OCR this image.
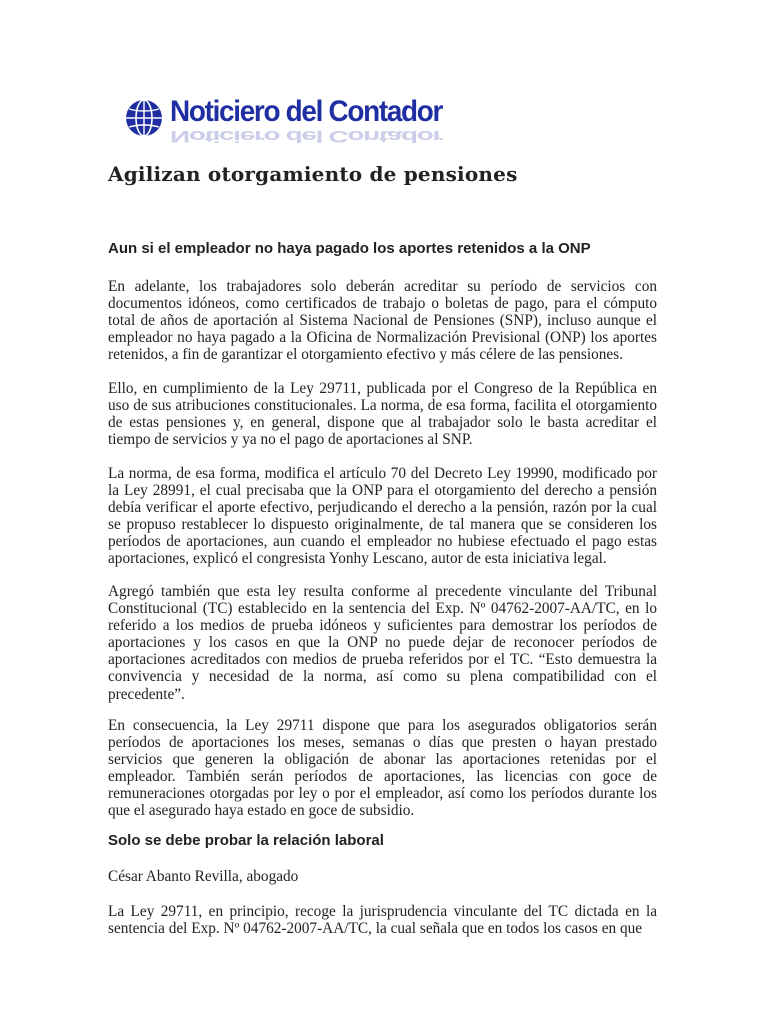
Noticiero del Contador
Noticiero del Contador
Agilizan otorgamiento de pensiones
Aun si el empleador no haya pagado los aportes retenidos a la ONP

En adelante, los trabajadores solo deberán acreditar su período de servicios con documentos idóneos, como certificados de trabajo o boletas de pago, para el cómputo total de años de aportación al Sistema Nacional de Pensiones (SNP), incluso aunque el empleador no haya pagado a la Oficina de Normalización Previsional (ONP) los aportes retenidos, a fin de garantizar el otorgamiento efectivo y más célere de las pensiones.

Ello, en cumplimiento de la Ley 29711, publicada por el Congreso de la República en uso de sus atribuciones constitucionales. La norma, de esa forma, facilita el otorgamiento de estas pensiones y, en general, dispone que al trabajador solo le basta acreditar el tiempo de servicios y ya no el pago de aportaciones al SNP.

La norma, de esa forma, modifica el artículo 70 del Decreto Ley 19990, modificado por la Ley 28991, el cual precisaba que la ONP para el otorgamiento del derecho a pensión debía verificar el aporte efectivo, perjudicando el derecho a la pensión, razón por la cual se propuso restablecer lo dispuesto originalmente, de tal manera que se consideren los períodos de aportaciones, aun cuando el empleador no hubiese efectuado el pago estas aportaciones, explicó el congresista Yonhy Lescano, autor de esta iniciativa legal.

Agregó también que esta ley resulta conforme al precedente vinculante del Tribunal Constitucional (TC) establecido en la sentencia del Exp. Nº 04762-2007-AA/TC, en lo referido a los medios de prueba idóneos y suficientes para demostrar los períodos de aportaciones y los casos en que la ONP no puede dejar de reconocer períodos de aportaciones acreditados con medios de prueba referidos por el TC. “Esto demuestra la convivencia y necesidad de la norma, así como su plena compatibilidad con el precedente”.

En consecuencia, la Ley 29711 dispone que para los asegurados obligatorios serán períodos de aportaciones los meses, semanas o días que presten o hayan prestado servicios que generen la obligación de abonar las aportaciones retenidas por el empleador. También serán períodos de aportaciones, las licencias con goce de remuneraciones otorgadas por ley o por el empleador, así como los períodos durante los que el asegurado haya estado en goce de subsidio.

Solo se debe probar la relación laboral

César Abanto Revilla, abogado

La Ley 29711, en principio, recoge la jurisprudencia vinculante del TC dictada en la sentencia del Exp. Nº 04762-2007-AA/TC, la cual señala que en todos los casos en que
